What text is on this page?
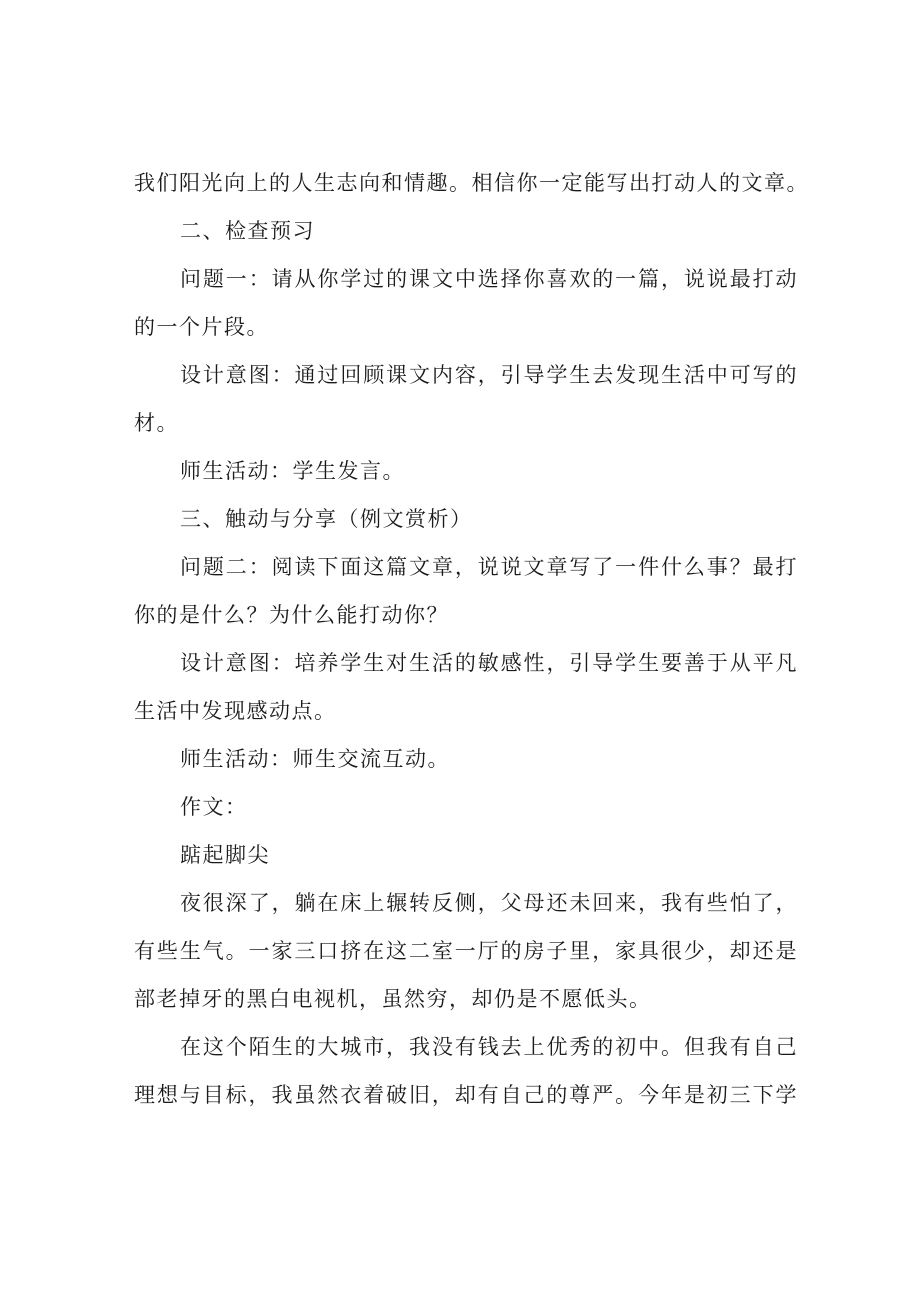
我们阳光向上的人生志向和情趣。相信你一定能写出打动人的文章。
二、检查预习
问题一：请从你学过的课文中选择你喜欢的一篇，说说最打动
的一个片段。
设计意图：通过回顾课文内容，引导学生去发现生活中可写的
材。
师生活动：学生发言。
三、触动与分享（例文赏析）
问题二：阅读下面这篇文章，说说文章写了一件什么事？最打
你的是什么？为什么能打动你？
设计意图：培养学生对生活的敏感性，引导学生要善于从平凡
生活中发现感动点。
师生活动：师生交流互动。
作文：
踮起脚尖
夜很深了，躺在床上辗转反侧，父母还未回来，我有些怕了，
有些生气。一家三口挤在这二室一厅的房子里，家具很少，却还是
部老掉牙的黑白电视机，虽然穷，却仍是不愿低头。
在这个陌生的大城市，我没有钱去上优秀的初中。但我有自己
理想与目标，我虽然衣着破旧，却有自己的尊严。今年是初三下学
